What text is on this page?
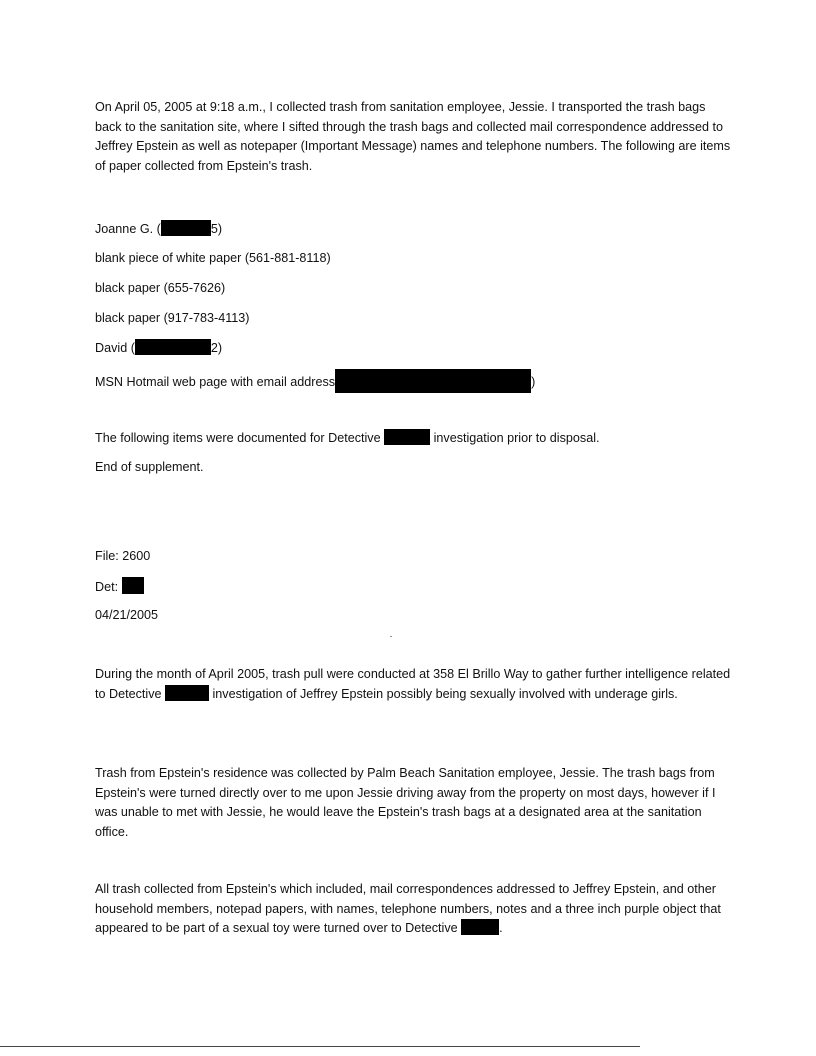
On April 05, 2005 at 9:18 a.m., I collected trash from sanitation employee, Jessie. I transported the trash bags back to the sanitation site, where I sifted through the trash bags and collected mail correspondence addressed to Jeffrey Epstein as well as notepaper (Important Message) names and telephone numbers. The following are items of paper collected from Epstein's trash.

Joanne G. (	5)
blank piece of white paper (561-881-8118)
black paper (655-7626)
black paper (917-783-4113)
David (	2)
MSN Hotmail web page with email address	)
The following items were documented for Detective	investigation prior to disposal.
End of supplement.
File: 2600
Det:
04/21/2005

During the month of April 2005, trash pull were conducted at 358 El Brillo Way to gather further intelligence related to Detective	investigation of Jeffrey Epstein possibly being sexually involved with underage girls.

Trash from Epstein's residence was collected by Palm Beach Sanitation employee, Jessie. The trash bags from Epstein's were turned directly over to me upon Jessie driving away from the property on most days, however if I was unable to met with Jessie, he would leave the Epstein's trash bags at a designated area at the sanitation office.

All trash collected from Epstein's which included, mail correspondences addressed to Jeffrey Epstein, and other household members, notepad papers, with names, telephone numbers, notes and a three inch purple object that appeared to be part of a sexual toy were turned over to Detective	.
